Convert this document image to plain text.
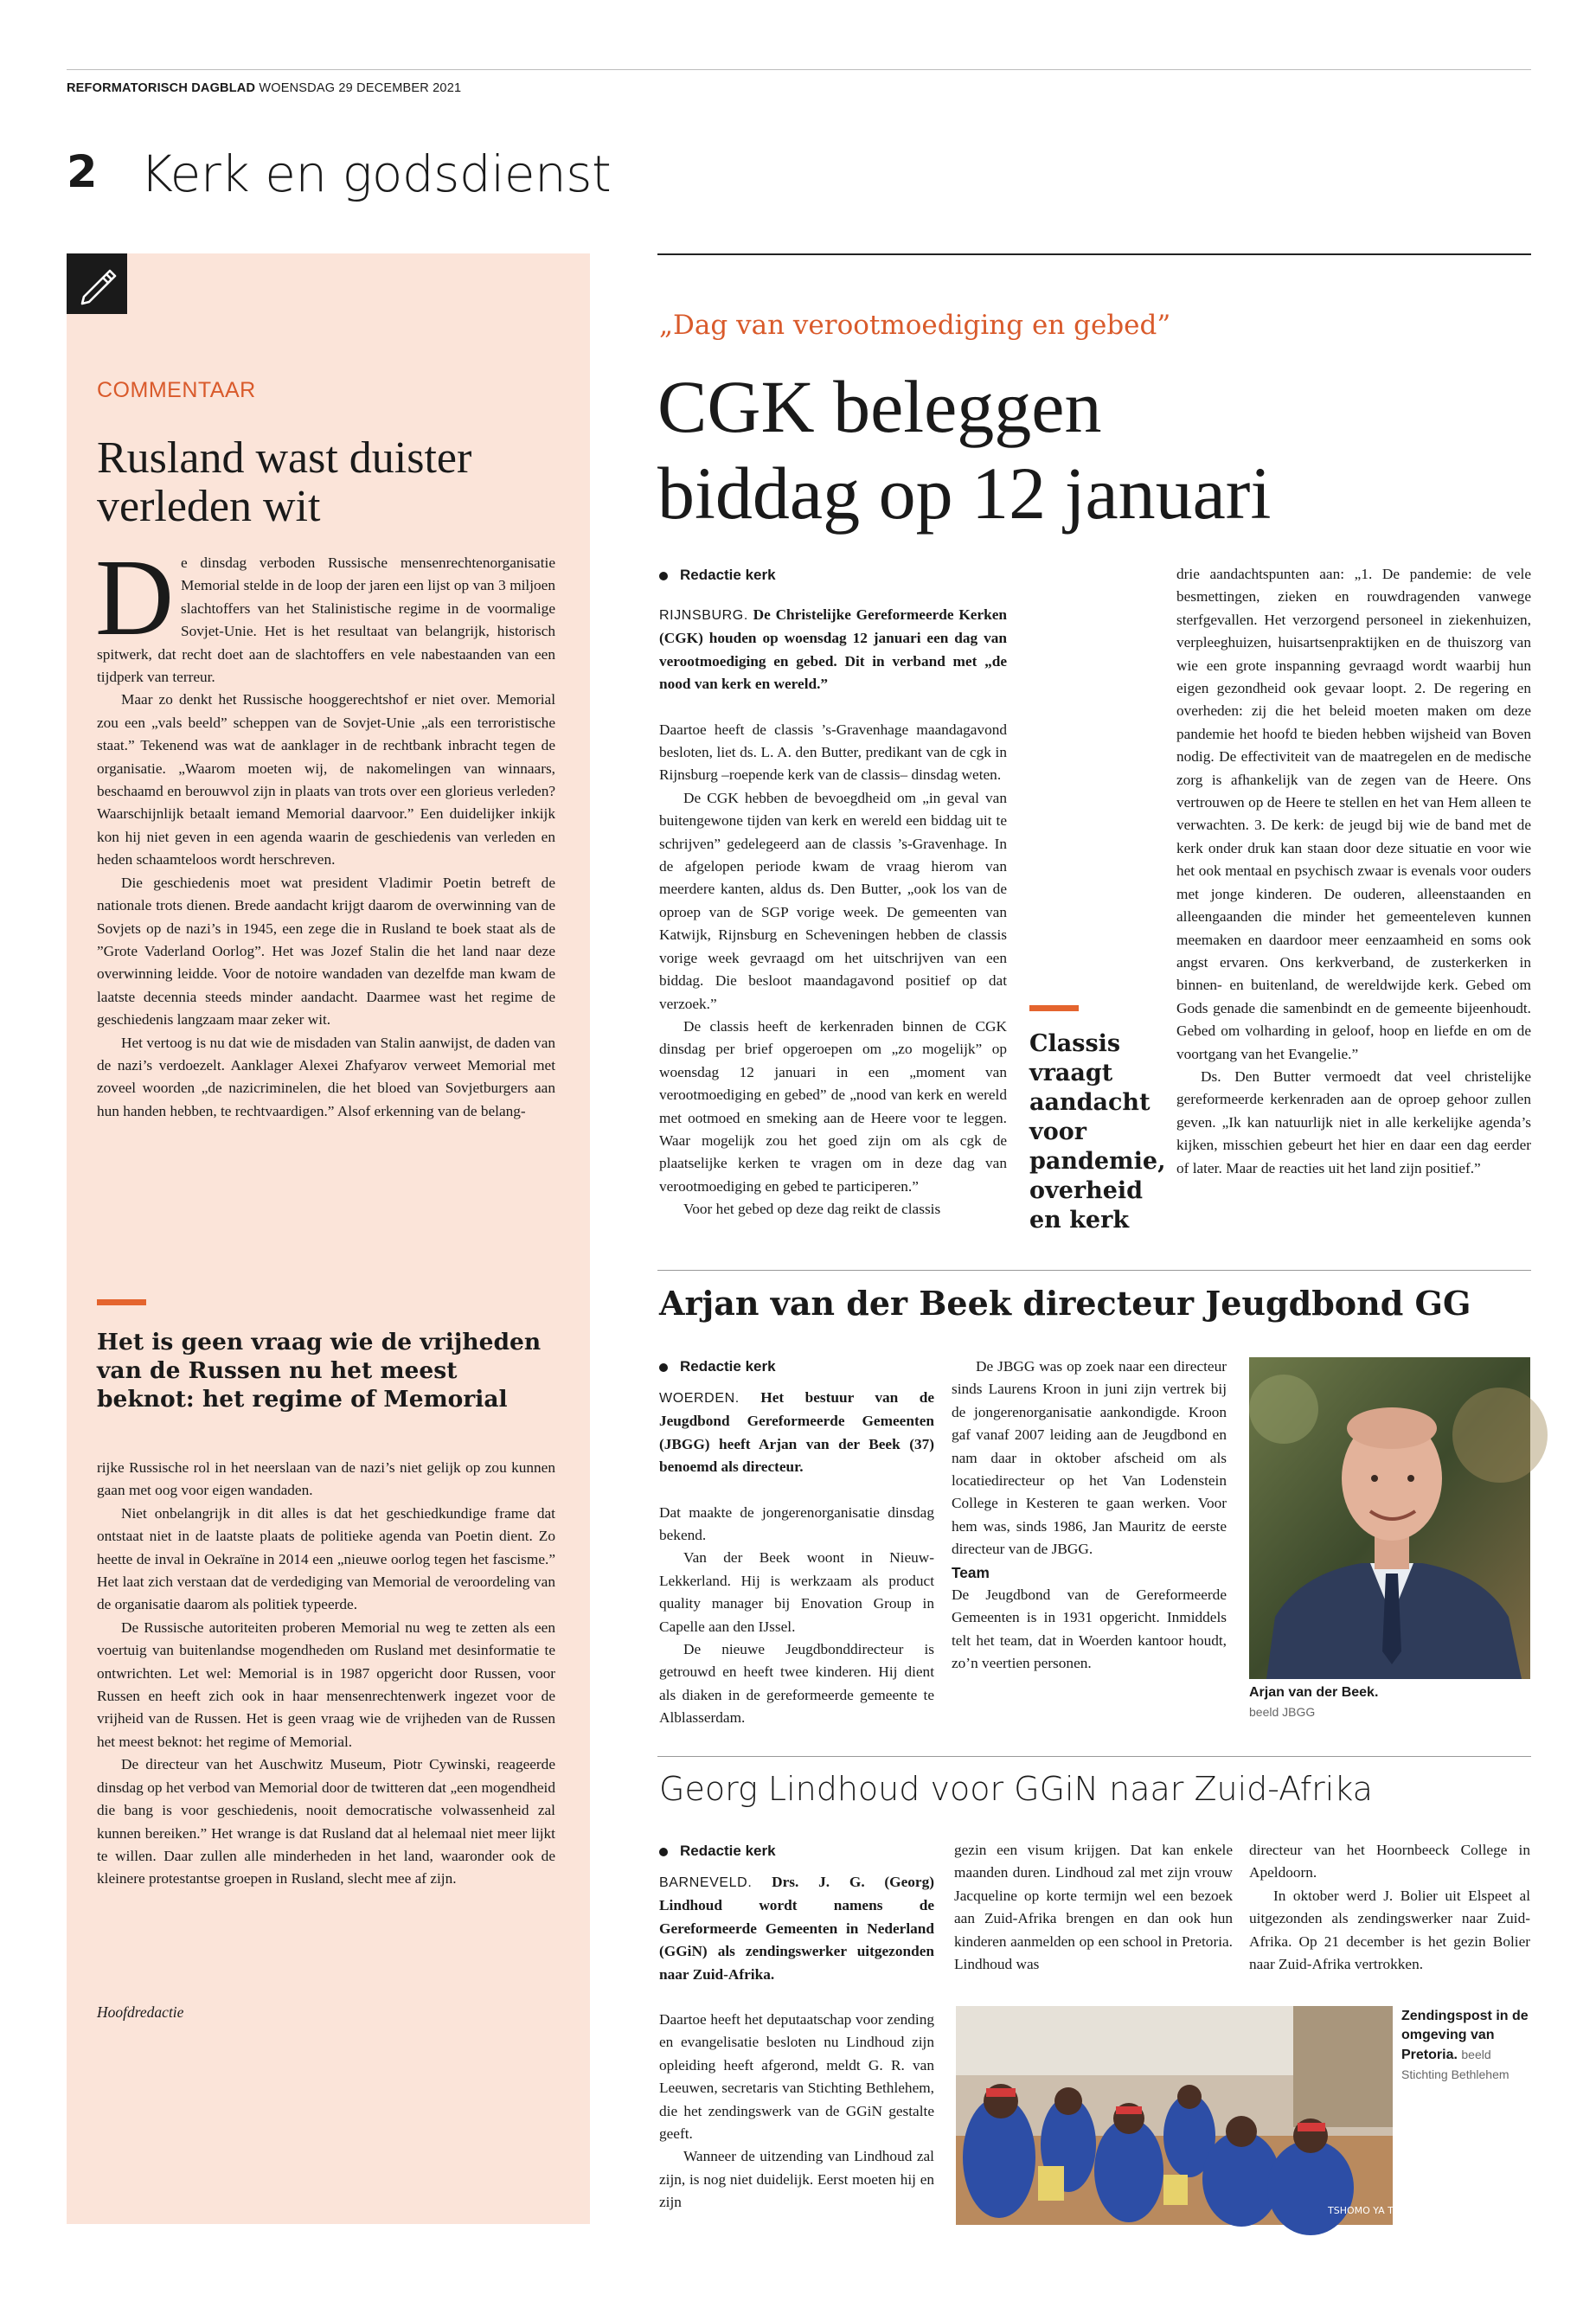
REFORMATORISCH DAGBLAD WOENSDAG 29 DECEMBER 2021
2 Kerk en godsdienst
COMMENTAAR
Rusland wast duister verleden wit
D e dinsdag verboden Russische mensenrechtenorganisatie Memorial stelde in de loop der jaren een lijst op van 3 miljoen slachtoffers van het Stalinistische regime in de voormalige Sovjet-Unie. Het is het resultaat van belangrijk, historisch spitwerk, dat recht doet aan de slachtoffers en vele nabestaanden van een tijdperk van terreur.

Maar zo denkt het Russische hooggerechtshof er niet over. Memorial zou een „vals beeld” scheppen van de Sovjet-Unie „als een terroristische staat.” Tekenend was wat de aanklager in de rechtbank inbracht tegen de organisatie. „Waarom moeten wij, de nakomelingen van winnaars, beschaamd en berouwvol zijn in plaats van trots over een glorieus verleden? Waarschijnlijk betaalt iemand Memorial daarvoor.” Een duidelijker inkijk kon hij niet geven in een agenda waarin de geschiedenis van verleden en heden schaamteloos wordt herschreven.

Die geschiedenis moet wat president Vladimir Poetin betreft de nationale trots dienen. Brede aandacht krijgt daarom de overwinning van de Sovjets op de nazi’s in 1945, een zege die in Rusland te boek staat als de ”Grote Vaderland Oorlog”. Het was Jozef Stalin die het land naar deze overwinning leidde. Voor de notoire wandaden van dezelfde man kwam de laatste decennia steeds minder aandacht. Daarmee wast het regime de geschiedenis langzaam maar zeker wit.

Het vertoog is nu dat wie de misdaden van Stalin aanwijst, de daden van de nazi’s verdoezelt. Aanklager Alexei Zhafyarov verweet Memorial met zoveel woorden „de nazicriminelen, die het bloed van Sovjetburgers aan hun handen hebben, te rechtvaardigen.” Alsof erkenning van de belang-

Het is geen vraag wie de vrijheden van de Russen nu het meest beknot: het regime of Memorial

rijke Russische rol in het neerslaan van de nazi’s niet gelijk op zou kunnen gaan met oog voor eigen wandaden.

Niet onbelangrijk in dit alles is dat het geschiedkundige frame dat ontstaat niet in de laatste plaats de politieke agenda van Poetin dient. Zo heette de inval in Oekraïne in 2014 een „nieuwe oorlog tegen het fascisme.” Het laat zich verstaan dat de verdediging van Memorial de veroordeling van de organisatie daarom als politiek typeerde.

De Russische autoriteiten proberen Memorial nu weg te zetten als een voertuig van buitenlandse mogendheden om Rusland met desinformatie te ontwrichten. Let wel: Memorial is in 1987 opgericht door Russen, voor Russen en heeft zich ook in haar mensenrechtenwerk ingezet voor de vrijheid van de Russen. Het is geen vraag wie de vrijheden van de Russen het meest beknot: het regime of Memorial.

De directeur van het Auschwitz Museum, Piotr Cywinski, reageerde dinsdag op het verbod van Memorial door de twitteren dat „een mogendheid die bang is voor geschiedenis, nooit democratische volwassenheid zal kunnen bereiken.” Het wrange is dat Rusland dat al helemaal niet meer lijkt te willen. Daar zullen alle minderheden in het land, waaronder ook de kleinere protestantse groepen in Rusland, slecht mee af zijn.

Hoofdredactie
„Dag van verootmoediging en gebed”
CGK beleggen
biddag op 12 januari
Redactie kerk

RIJNSBURG. De Christelijke Gereformeerde Kerken (CGK) houden op woensdag 12 januari een dag van verootmoediging en gebed. Dit in verband met „de nood van kerk en wereld.”

Daartoe heeft de classis ’s-Gravenhage maandagavond besloten, liet ds. L. A. den Butter, predikant van de cgk in Rijnsburg –roepende kerk van de classis– dinsdag weten.

De CGK hebben de bevoegdheid om „in geval van buitengewone tijden van kerk en wereld een biddag uit te schrijven” gedelegeerd aan de classis ’s-Gravenhage. In de afgelopen periode kwam de vraag hierom van meerdere kanten, aldus ds. Den Butter, „ook los van de oproep van de SGP vorige week. De gemeenten van Katwijk, Rijnsburg en Scheveningen hebben de classis vorige week gevraagd om het uitschrijven van een biddag. Die besloot maandagavond positief op dat verzoek.”

De classis heeft de kerkenraden binnen de CGK dinsdag per brief opgeroepen om „zo mogelijk” op woensdag 12 januari in een „moment van verootmoediging en gebed” de „nood van kerk en wereld met ootmoed en smeking aan de Heere voor te leggen. Waar mogelijk zou het goed zijn om als cgk de plaatselijke kerken te vragen om in deze dag van verootmoediging en gebed te participeren.”

Voor het gebed op deze dag reikt de classis

Classis vraagt aandacht voor pandemie, overheid en kerk

drie aandachtspunten aan: „1. De pandemie: de vele besmettingen, zieken en rouwdragenden vanwege sterfgevallen. Het verzorgend personeel in ziekenhuizen, verpleeghuizen, huisartsenpraktijken en de thuiszorg van wie een grote inspanning gevraagd wordt waarbij hun eigen gezondheid ook gevaar loopt. 2. De regering en overheden: zij die het beleid moeten maken om deze pandemie het hoofd te bieden hebben wijsheid van Boven nodig. De effectiviteit van de maatregelen en de medische zorg is afhankelijk van de zegen van de Heere. Ons vertrouwen op de Heere te stellen en het van Hem alleen te verwachten. 3. De kerk: de jeugd bij wie de band met de kerk onder druk kan staan door deze situatie en voor wie het ook mentaal en psychisch zwaar is evenals voor ouders met jonge kinderen. De ouderen, alleenstaanden en alleengaanden die minder het gemeenteleven kunnen meemaken en daardoor meer eenzaamheid en soms ook angst ervaren. Ons kerkverband, de zusterkerken in binnen- en buitenland, de wereldwijde kerk. Gebed om Gods genade die samenbindt en de gemeente bijeenhoudt. Gebed om volharding in geloof, hoop en liefde en om de voortgang van het Evangelie.”

Ds. Den Butter vermoedt dat veel christelijke gereformeerde kerkenraden aan de oproep gehoor zullen geven. „Ik kan natuurlijk niet in alle kerkelijke agenda’s kijken, misschien gebeurt het hier en daar een dag eerder of later. Maar de reacties uit het land zijn positief.”

Arjan van der Beek directeur Jeugdbond GG
Redactie kerk

WOERDEN. Het bestuur van de Jeugdbond Gereformeerde Gemeenten (JBGG) heeft Arjan van der Beek (37) benoemd als directeur.

Dat maakte de jongerenorganisatie dinsdag bekend.

Van der Beek woont in Nieuw-Lekkerland. Hij is werkzaam als product quality manager bij Enovation Group in Capelle aan den IJssel.

De nieuwe Jeugdbonddirecteur is getrouwd en heeft twee kinderen. Hij dient als diaken in de gereformeerde gemeente te Alblasserdam.

De JBGG was op zoek naar een directeur sinds Laurens Kroon in juni zijn vertrek bij de jongerenorganisatie aankondigde. Kroon gaf vanaf 2007 leiding aan de Jeugdbond en nam daar in oktober afscheid om als locatiedirecteur op het Van Lodenstein College in Kesteren te gaan werken. Voor hem was, sinds 1986, Jan Mauritz de eerste directeur van de JBGG.

Team

De Jeugdbond van de Gereformeerde Gemeenten is in 1931 opgericht. Inmiddels telt het team, dat in Woerden kantoor houdt, zo’n veertien personen.

Arjan van der Beek.
beeld JBGG
Georg Lindhoud voor GGiN naar Zuid-Afrika
Redactie kerk

BARNEVELD. Drs. J. G. (Georg) Lindhoud wordt namens de Gereformeerde Gemeenten in Nederland (GGiN) als zendingswerker uitgezonden naar Zuid-Afrika.

Daartoe heeft het deputaatschap voor zending en evangelisatie besloten nu Lindhoud zijn opleiding heeft afgerond, meldt G. R. van Leeuwen, secretaris van Stichting Bethlehem, die het zendingswerk van de GGiN gestalte geeft.

Wanneer de uitzending van Lindhoud zal zijn, is nog niet duidelijk. Eerst moeten hij en zijn

gezin een visum krijgen. Dat kan enkele maanden duren. Lindhoud zal met zijn vrouw Jacqueline op korte termijn wel een bezoek aan Zuid-Afrika brengen en dan ook hun kinderen aanmelden op een school in Pretoria. Lindhoud was

directeur van het Hoornbeeck College in Apeldoorn.

In oktober werd J. Bolier uit Elspeet al uitgezonden als zendingswerker naar Zuid-Afrika. Op 21 december is het gezin Bolier naar Zuid-Afrika vertrokken.

TSHOMO YA TSHEPE
Zendingspost in de omgeving van Pretoria. beeld Stichting Bethlehem
